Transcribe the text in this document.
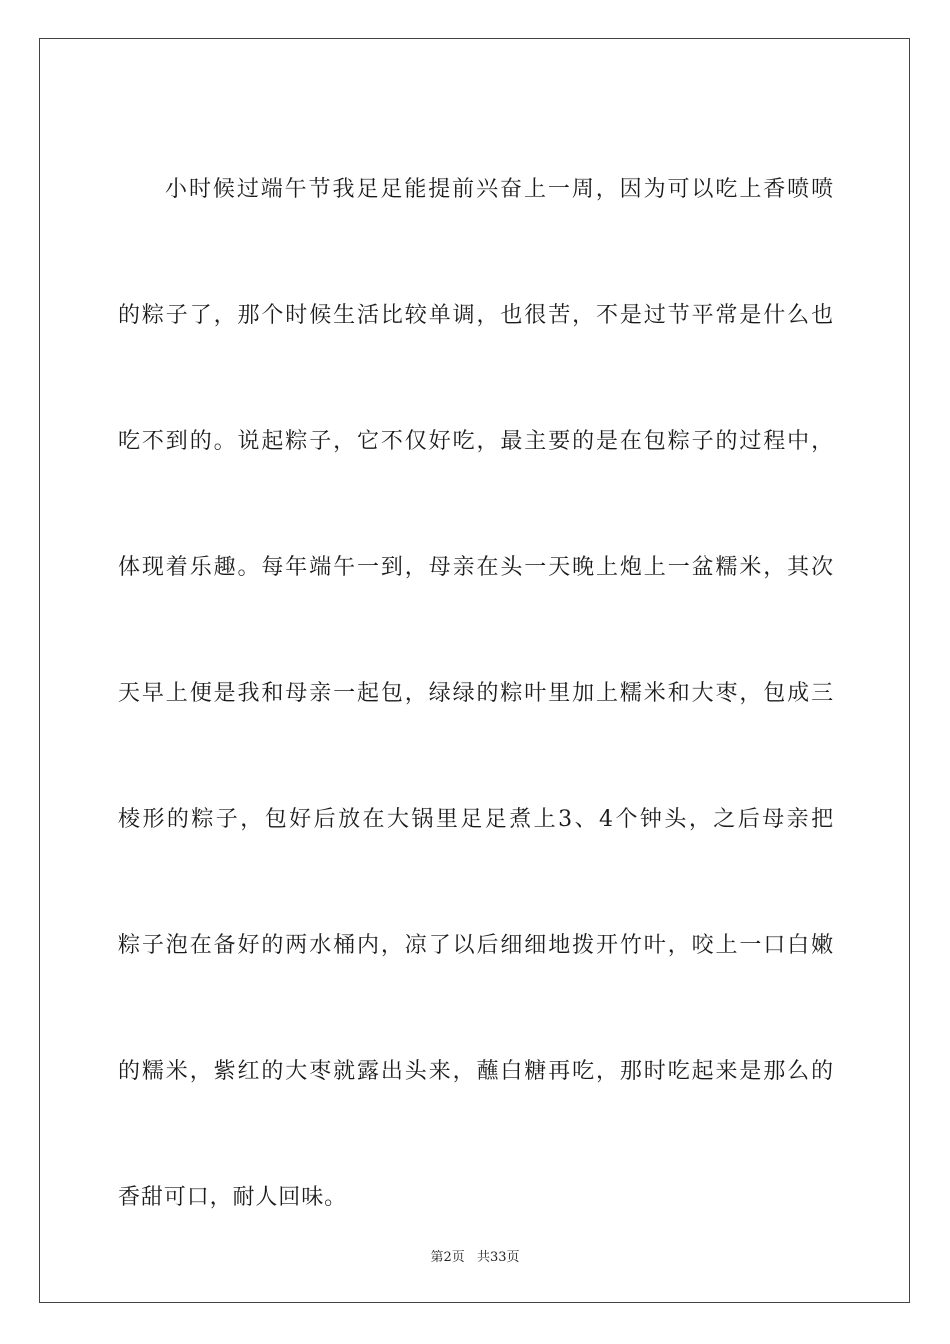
小时候过端午节我足足能提前兴奋上一周，因为可以吃上香喷喷
的粽子了，那个时候生活比较单调，也很苦，不是过节平常是什么也
吃不到的。说起粽子，它不仅好吃，最主要的是在包粽子的过程中，
体现着乐趣。每年端午一到，母亲在头一天晚上炮上一盆糯米，其次
天早上便是我和母亲一起包，绿绿的粽叶里加上糯米和大枣，包成三
棱形的粽子，包好后放在大锅里足足煮上3、4个钟头，之后母亲把
粽子泡在备好的两水桶内，凉了以后细细地拨开竹叶，咬上一口白嫩
的糯米，紫红的大枣就露出头来，蘸白糖再吃，那时吃起来是那么的
香甜可口，耐人回味。
第2页 共33页
